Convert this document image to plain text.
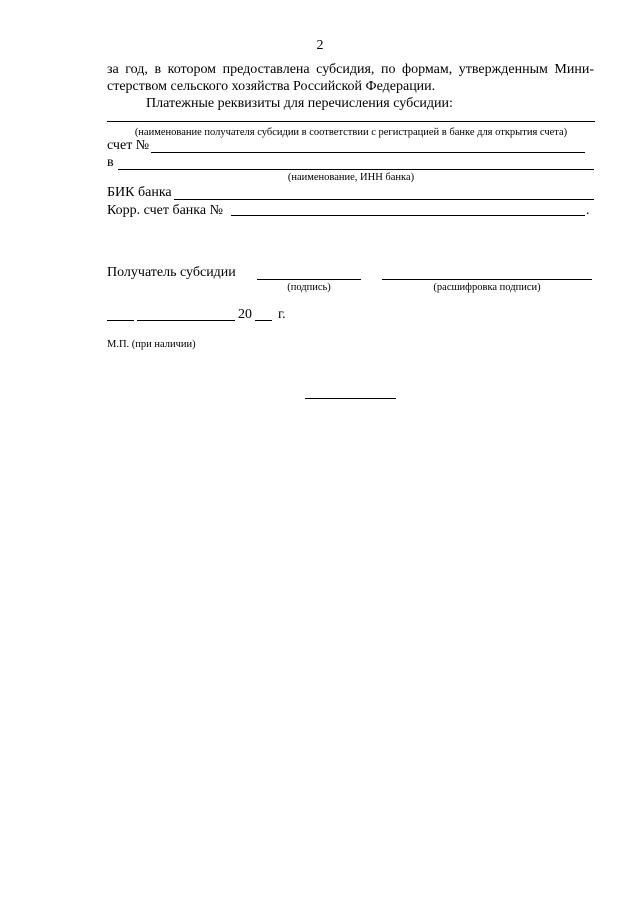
2
за год, в котором предоставлена субсидия, по формам, утвержденным Мини-
стерством сельского хозяйства Российской Федерации.
Платежные реквизиты для перечисления субсидии:
(наименование получателя субсидии в соответствии с регистрацией в банке для открытия счета)
счет №
в
(наименование, ИНН банка)
БИК банка
Корр. счет банка №	.
Получатель субсидии
(подпись)	(расшифровка подписи)
20 г.
М.П. (при наличии)
